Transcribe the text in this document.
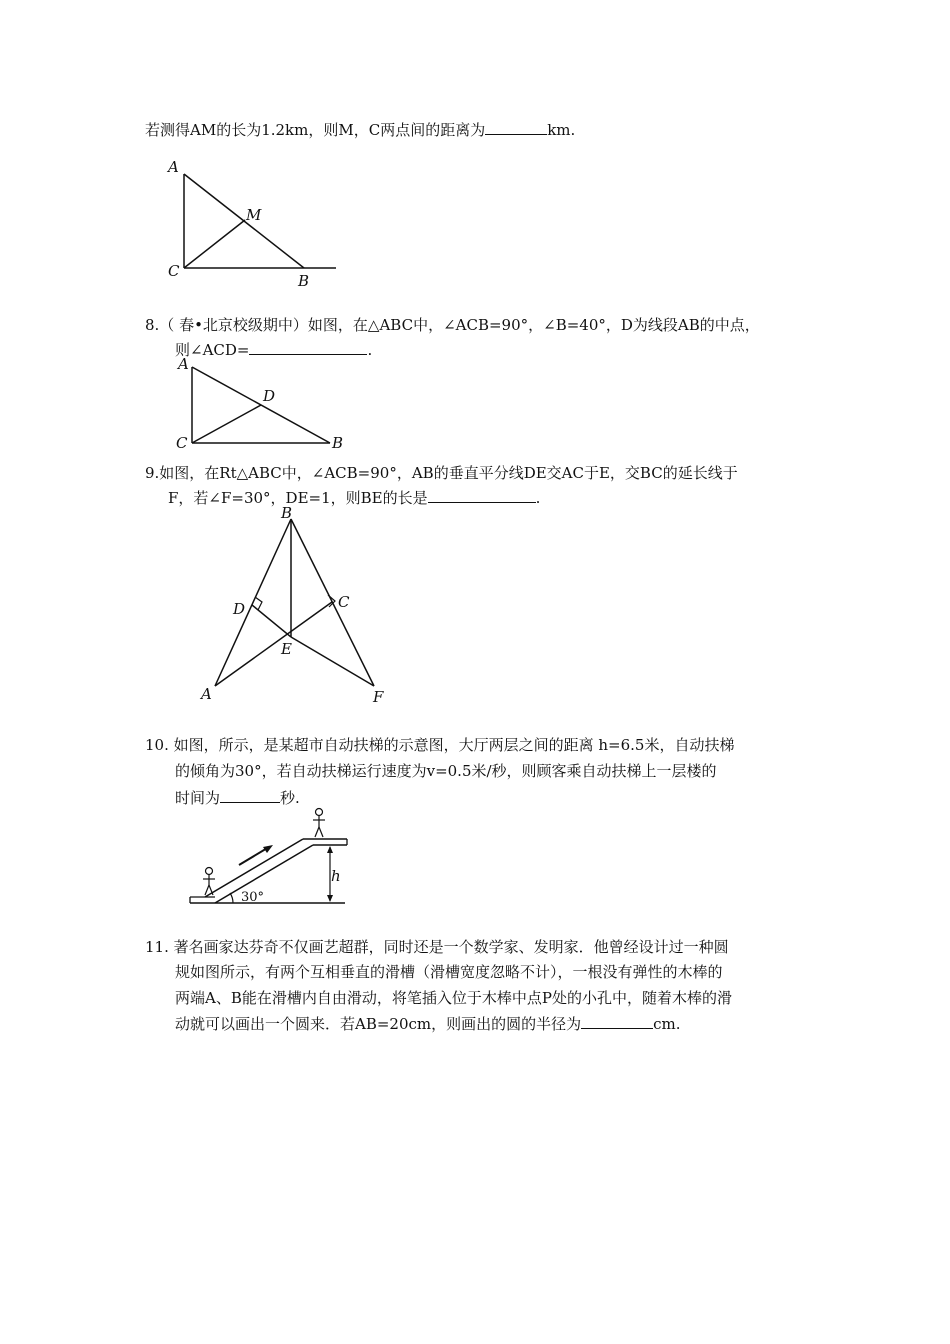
若测得AM的长为1.2km，则M，C两点间的距离为	km.
A
M
C
B
8.（ 春•北京校级期中）如图，在△ABC中，∠ACB=90°，∠B=40°，D为线段AB的中点，
则∠ACD=	.
A
D
C	B
9.如图，在Rt△ABC中，∠ACB=90°，AB的垂直平分线DE交AC于E，交BC的延长线于
F，若∠F=30°，DE=1，则BE的长是	.
B
D	C
E
A	F
10. 如图，所示，是某超市自动扶梯的示意图，大厅两层之间的距离 h=6.5米，自动扶梯
的倾角为30°，若自动扶梯运行速度为v=0.5米/秒，则顾客乘自动扶梯上一层楼的
时间为	秒.
30°
h
11. 著名画家达芬奇不仅画艺超群，同时还是一个数学家、发明家．他曾经设计过一种圆
规如图所示，有两个互相垂直的滑槽（滑槽宽度忽略不计），一根没有弹性的木棒的
两端A、B能在滑槽内自由滑动，将笔插入位于木棒中点P处的小孔中，随着木棒的滑
动就可以画出一个圆来．若AB=20cm，则画出的圆的半径为	cm.
